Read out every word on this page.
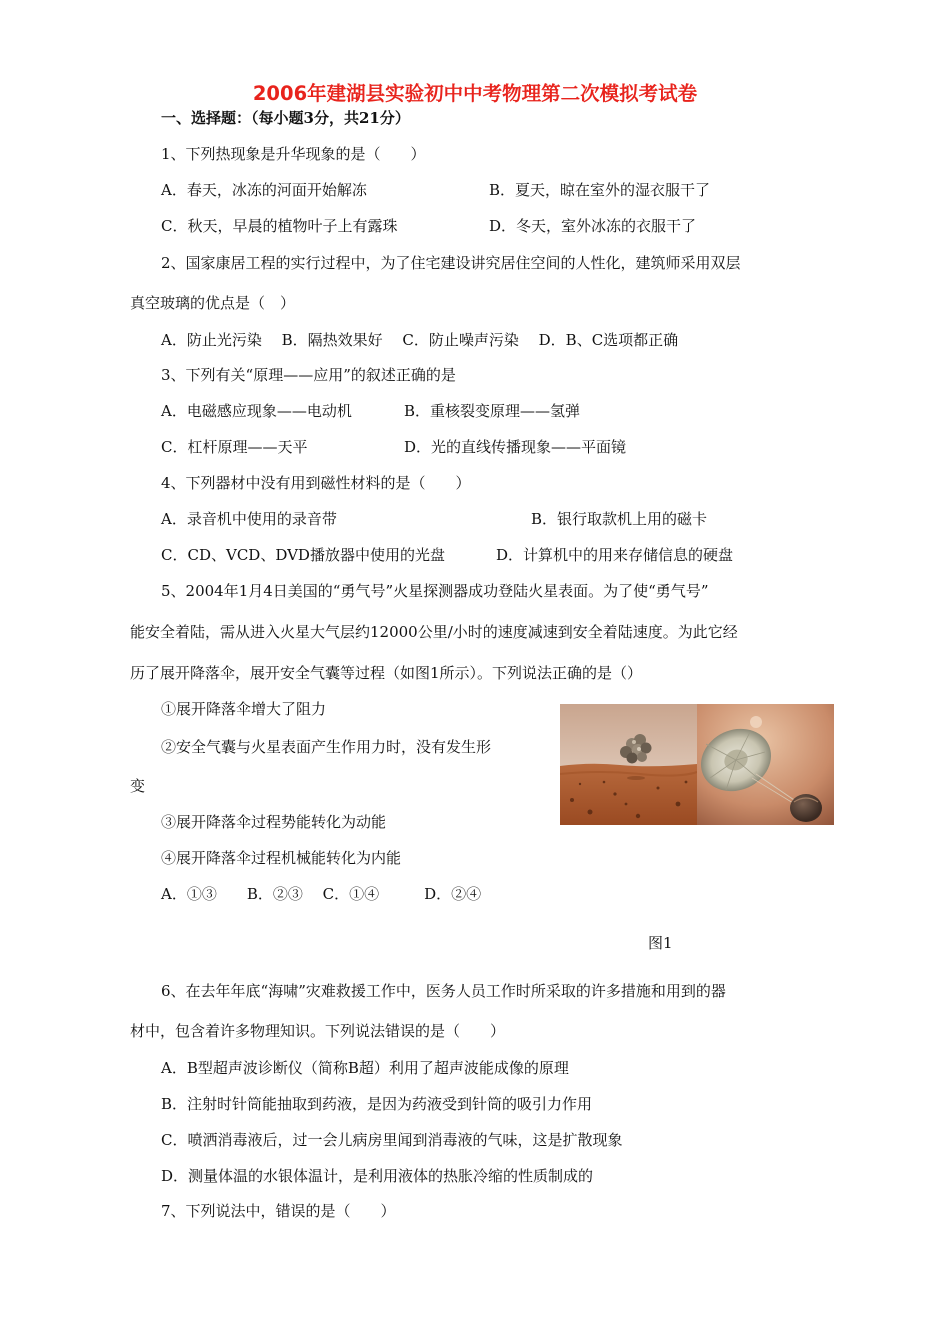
2006年建湖县实验初中中考物理第二次模拟考试卷
一、选择题：（每小题3分，共21分）
1、下列热现象是升华现象的是（　　）
A．春天，冰冻的河面开始解冻	B．夏天，晾在室外的湿衣服干了
C．秋天，早晨的植物叶子上有露珠	D．冬天，室外冰冻的衣服干了
2、国家康居工程的实行过程中，为了住宅建设讲究居住空间的人性化，建筑师采用双层
真空玻璃的优点是（　）
A．防止光污染　 B．隔热效果好　 C．防止噪声污染　 D．B、C选项都正确
3、下列有关“原理——应用”的叙述正确的是
A．电磁感应现象——电动机	B．重核裂变原理——氢弹
C．杠杆原理——天平	D．光的直线传播现象——平面镜
4、下列器材中没有用到磁性材料的是（　　）
A．录音机中使用的录音带	B．银行取款机上用的磁卡
C．CD、VCD、DVD播放器中使用的光盘	D．计算机中的用来存储信息的硬盘
5、2004年1月4日美国的“勇气号”火星探测器成功登陆火星表面。为了使“勇气号”
能安全着陆，需从进入火星大气层约12000公里/小时的速度减速到安全着陆速度。为此它经
历了展开降落伞，展开安全气囊等过程（如图1所示）。下列说法正确的是（）
①展开降落伞增大了阻力
②安全气囊与火星表面产生作用力时，没有发生形
变
③展开降落伞过程势能转化为动能
④展开降落伞过程机械能转化为内能
A．①③　　B．②③　 C．①④　　　D．②④
图1
6、在去年年底“海啸”灾难救援工作中，医务人员工作时所采取的许多措施和用到的器
材中，包含着许多物理知识。下列说法错误的是（　　）
A．B型超声波诊断仪（简称B超）利用了超声波能成像的原理
B．注射时针筒能抽取到药液，是因为药液受到针筒的吸引力作用
C．喷洒消毒液后，过一会儿病房里闻到消毒液的气味，这是扩散现象
D．测量体温的水银体温计，是利用液体的热胀冷缩的性质制成的
7、下列说法中，错误的是（　　）
